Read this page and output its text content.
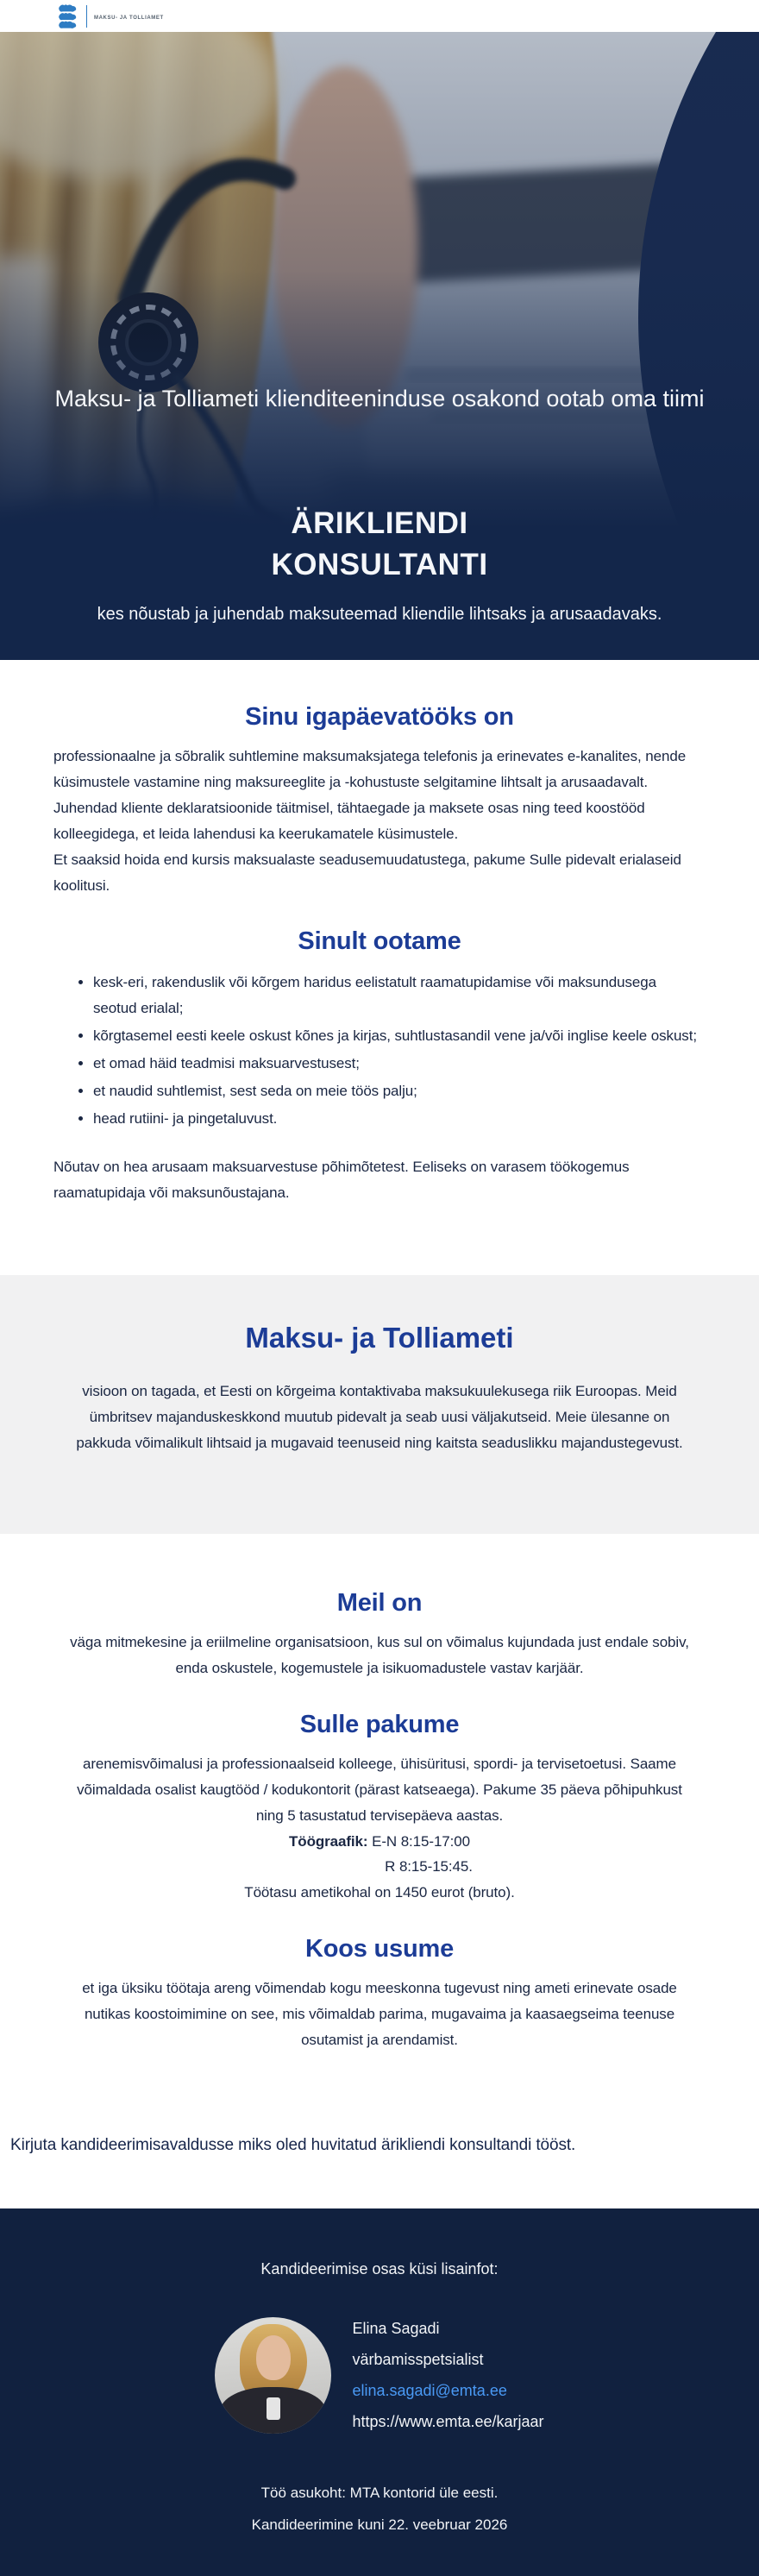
Maksu- ja Tolliamet

Maksu- ja Tolliameti klienditeeninduse osakond ootab oma tiimi

ÄRIKLIENDI
KONSULTANTI

kes nõustab ja juhendab maksuteemad kliendile lihtsaks ja arusaadavaks.

Sinu igapäevatööks on

professionaalne ja sõbralik suhtlemine maksumaksjatega telefonis ja erinevates e-kanalites, nende küsimustele vastamine ning maksureeglite ja -kohustuste selgitamine lihtsalt ja arusaadavalt. Juhendad kliente deklaratsioonide täitmisel, tähtaegade ja maksete osas ning teed koostööd kolleegidega, et leida lahendusi ka keerukamatele küsimustele.

Et saaksid hoida end kursis maksualaste seadusemuudatustega, pakume Sulle pidevalt erialaseid koolitusi.

Sinult ootame
• kesk-eri, rakenduslik või kõrgem haridus eelistatult raamatupidamise või maksundusega seotud erialal;
• kõrgtasemel eesti keele oskust kõnes ja kirjas, suhtlustasandil vene ja/või inglise keele oskust;
• et omad häid teadmisi maksuarvestusest;
• et naudid suhtlemist, sest seda on meie töös palju;
• head rutiini- ja pingetaluvust.

Nõutav on hea arusaam maksuarvestuse põhimõtetest. Eeliseks on varasem töökogemus raamatupidaja või maksunõustajana.

Maksu- ja Tolliameti

visioon on tagada, et Eesti on kõrgeima kontaktivaba maksukuulekusega riik Euroopas. Meid ümbritsev majanduskeskkond muutub pidevalt ja seab uusi väljakutseid. Meie ülesanne on pakkuda võimalikult lihtsaid ja mugavaid teenuseid ning kaitsta seaduslikku majandustegevust.

Meil on

väga mitmekesine ja eriilmeline organisatsioon, kus sul on võimalus kujundada just endale sobiv, enda oskustele, kogemustele ja isikuomadustele vastav karjäär.

Sulle pakume

arenemisvõimalusi ja professionaalseid kolleege, ühisüritusi, spordi- ja tervisetoetusi. Saame võimaldada osalist kaugtööd / kodukontorit (pärast katseaega). Pakume 35 päeva põhipuhkust ning 5 tasustatud tervisepäeva aastas.

Töögraafik: E-N 8:15-17:00

R 8:15-15:45.

Töötasu ametikohal on 1450 eurot (bruto).

Koos usume

et iga üksiku töötaja areng võimendab kogu meeskonna tugevust ning ameti erinevate osade nutikas koostoimimine on see, mis võimaldab parima, mugavaima ja kaasaegseima teenuse osutamist ja arendamist.

Kirjuta kandideerimisavaldusse miks oled huvitatud ärikliendi konsultandi tööst.

Kandideerimise osas küsi lisainfot:

Elina Sagadi
värbamisspetsialist
elina.sagadi@emta.ee
https://www.emta.ee/karjaar

Töö asukoht: MTA kontorid üle eesti.

Kandideerimine kuni 22. veebruar 2026
